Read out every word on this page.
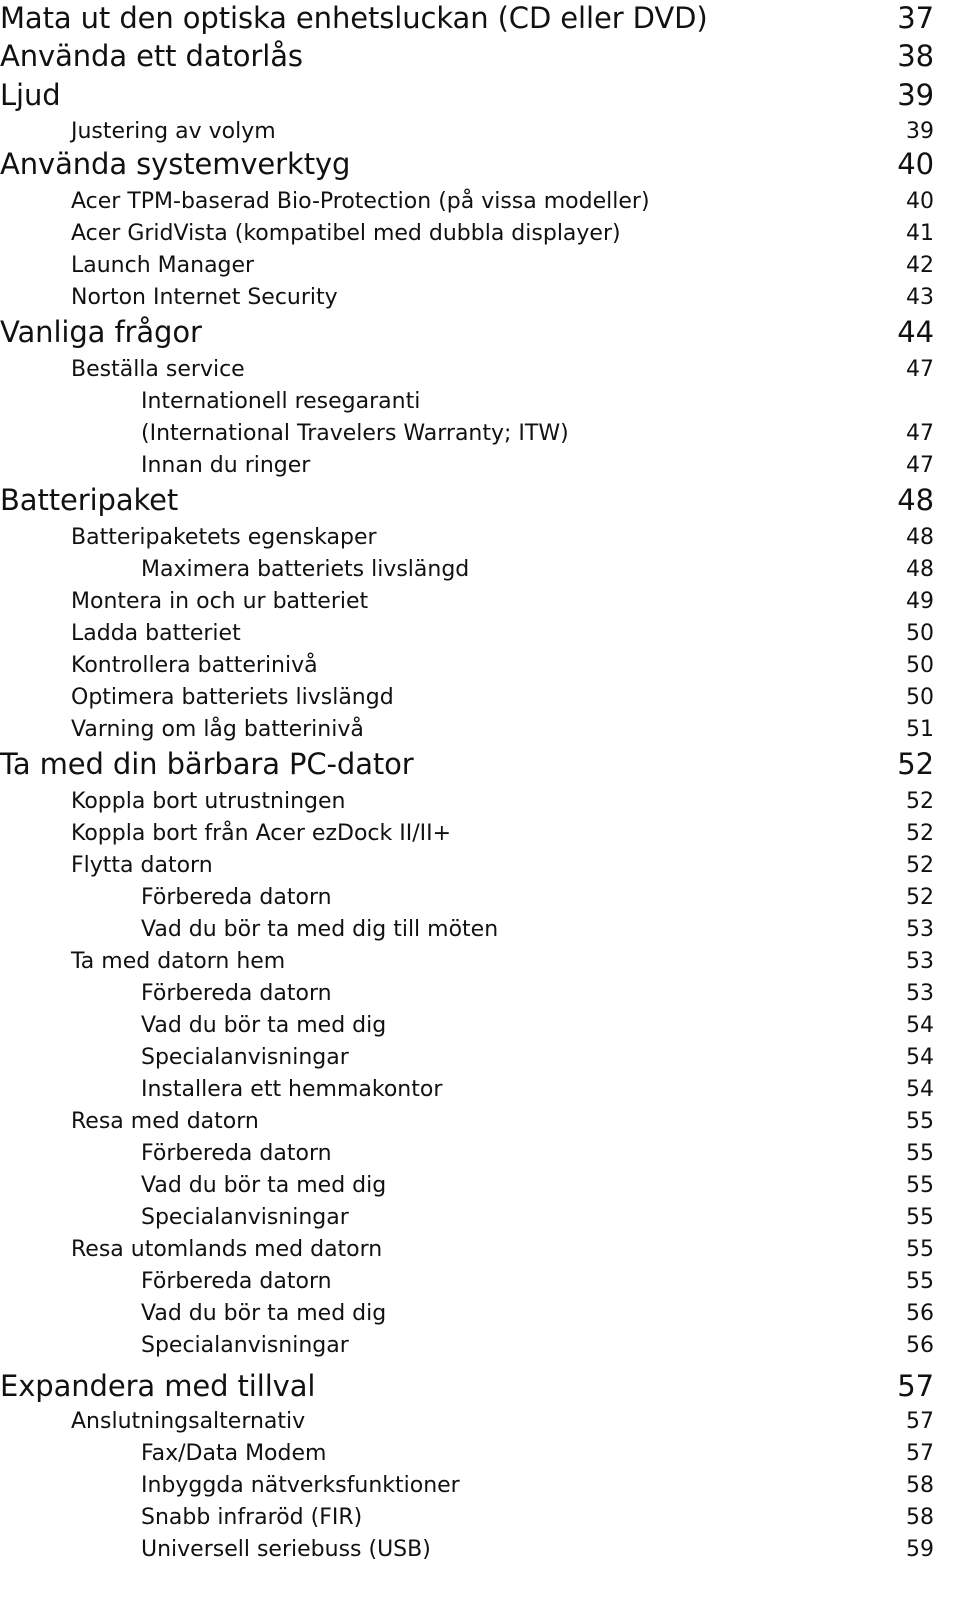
Mata ut den optiska enhetsluckan (CD eller DVD)	37
Använda ett datorlås	38
Ljud	39
Justering av volym	39
Använda systemverktyg	40
Acer TPM-baserad Bio-Protection (på vissa modeller)	40
Acer GridVista (kompatibel med dubbla displayer)	41
Launch Manager	42
Norton Internet Security	43
Vanliga frågor	44
Beställa service	47
Internationell resegaranti
(International Travelers Warranty; ITW)	47
Innan du ringer	47
Batteripaket	48
Batteripaketets egenskaper	48
Maximera batteriets livslängd	48
Montera in och ur batteriet	49
Ladda batteriet	50
Kontrollera batterinivå	50
Optimera batteriets livslängd	50
Varning om låg batterinivå	51
Ta med din bärbara PC-dator	52
Koppla bort utrustningen	52
Koppla bort från Acer ezDock II/II+	52
Flytta datorn	52
Förbereda datorn	52
Vad du bör ta med dig till möten	53
Ta med datorn hem	53
Förbereda datorn	53
Vad du bör ta med dig	54
Specialanvisningar	54
Installera ett hemmakontor	54
Resa med datorn	55
Förbereda datorn	55
Vad du bör ta med dig	55
Specialanvisningar	55
Resa utomlands med datorn	55
Förbereda datorn	55
Vad du bör ta med dig	56
Specialanvisningar	56
Expandera med tillval	57
Anslutningsalternativ	57
Fax/Data Modem	57
Inbyggda nätverksfunktioner	58
Snabb infraröd (FIR)	58
Universell seriebuss (USB)	59
